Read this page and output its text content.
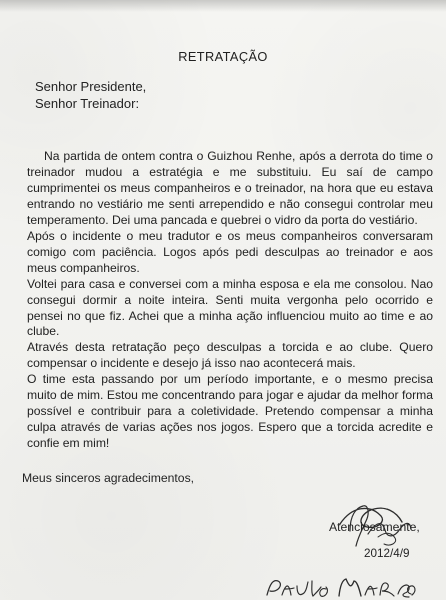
RETRATAÇÃO
Senhor Presidente,
Senhor Treinador:

Na partida de ontem contra o Guizhou Renhe, após a derrota do time o treinador mudou a estratégia e me substituiu. Eu saí de campo cumprimentei os meus companheiros e o treinador, na hora que eu estava entrando no vestiário me senti arrependido e não consegui controlar meu temperamento. Dei uma pancada e quebrei o vidro da porta do vestiário.

Após o incidente o meu tradutor e os meus companheiros conversaram comigo com paciência. Logos após pedi desculpas ao treinador e aos meus companheiros.

Voltei para casa e conversei com a minha esposa e ela me consolou. Nao consegui dormir a noite inteira. Senti muita vergonha pelo ocorrido e pensei no que fiz. Achei que a minha ação influenciou muito ao time e ao clube.

Através desta retratação peço desculpas a torcida e ao clube. Quero compensar o incidente e desejo já isso nao acontecerá mais.

O time esta passando por um período importante, e o mesmo precisa muito de mim. Estou me concentrando para jogar e ajudar da melhor forma possível e contribuir para a coletividade. Pretendo compensar a minha culpa através de varias ações nos jogos. Espero que a torcida acredite e confie em mim!

Meus sinceros agradecimentos,
Atenciosamente,
2012/4/9
